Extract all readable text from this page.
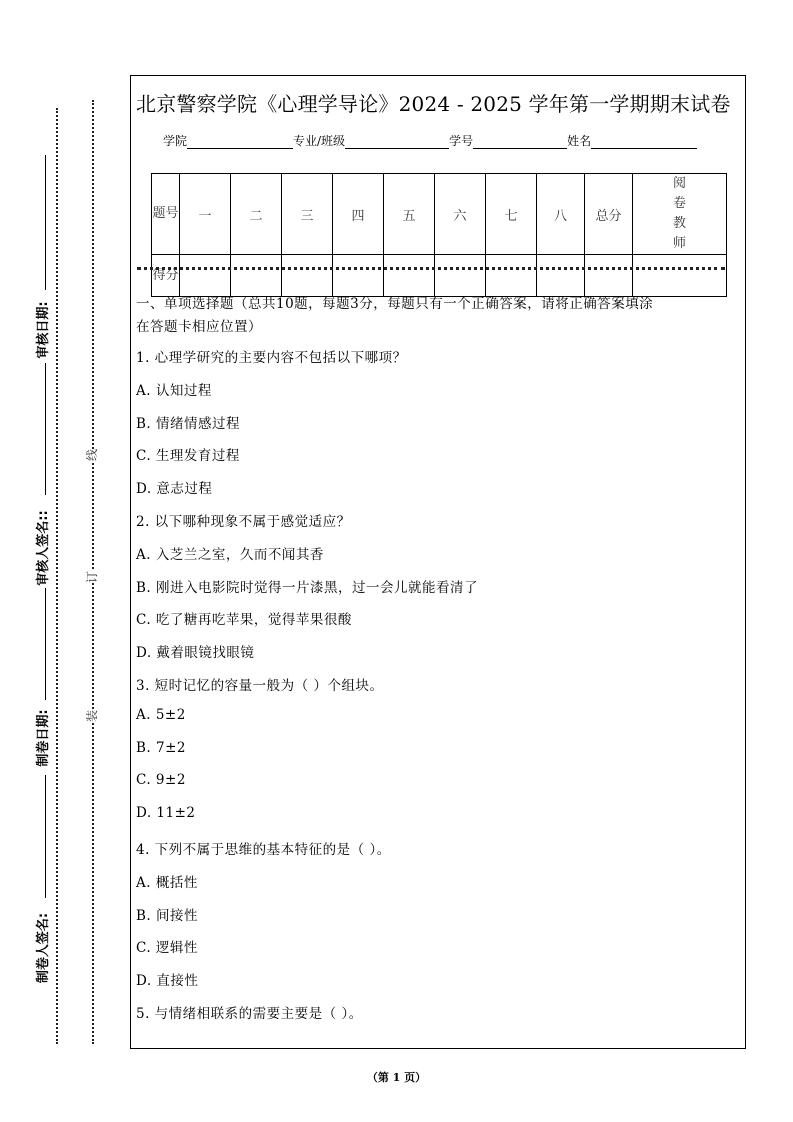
线
订
装
审核日期:
审核人签名::
制卷日期:
制卷人签名:
北京警察学院《心理学导论》2024 - 2025 学年第一学期期末试卷
学院	专业/班级	学号	姓名
题号	一	二	三	四	五	六	七	八	总分	阅卷教师
得分										
一、单项选择题（总共10题，每题3分，每题只有一个正确答案，请将正确答案填涂
在答题卡相应位置）
1. 心理学研究的主要内容不包括以下哪项？
A. 认知过程
B. 情绪情感过程
C. 生理发育过程
D. 意志过程
2. 以下哪种现象不属于感觉适应？
A. 入芝兰之室，久而不闻其香
B. 刚进入电影院时觉得一片漆黑，过一会儿就能看清了
C. 吃了糖再吃苹果，觉得苹果很酸
D. 戴着眼镜找眼镜
3. 短时记忆的容量一般为（ ）个组块。
A. 5±2
B. 7±2
C. 9±2
D. 11±2
4. 下列不属于思维的基本特征的是（ ）。
A. 概括性
B. 间接性
C. 逻辑性
D. 直接性
5. 与情绪相联系的需要主要是（ ）。
（第 1 页）
